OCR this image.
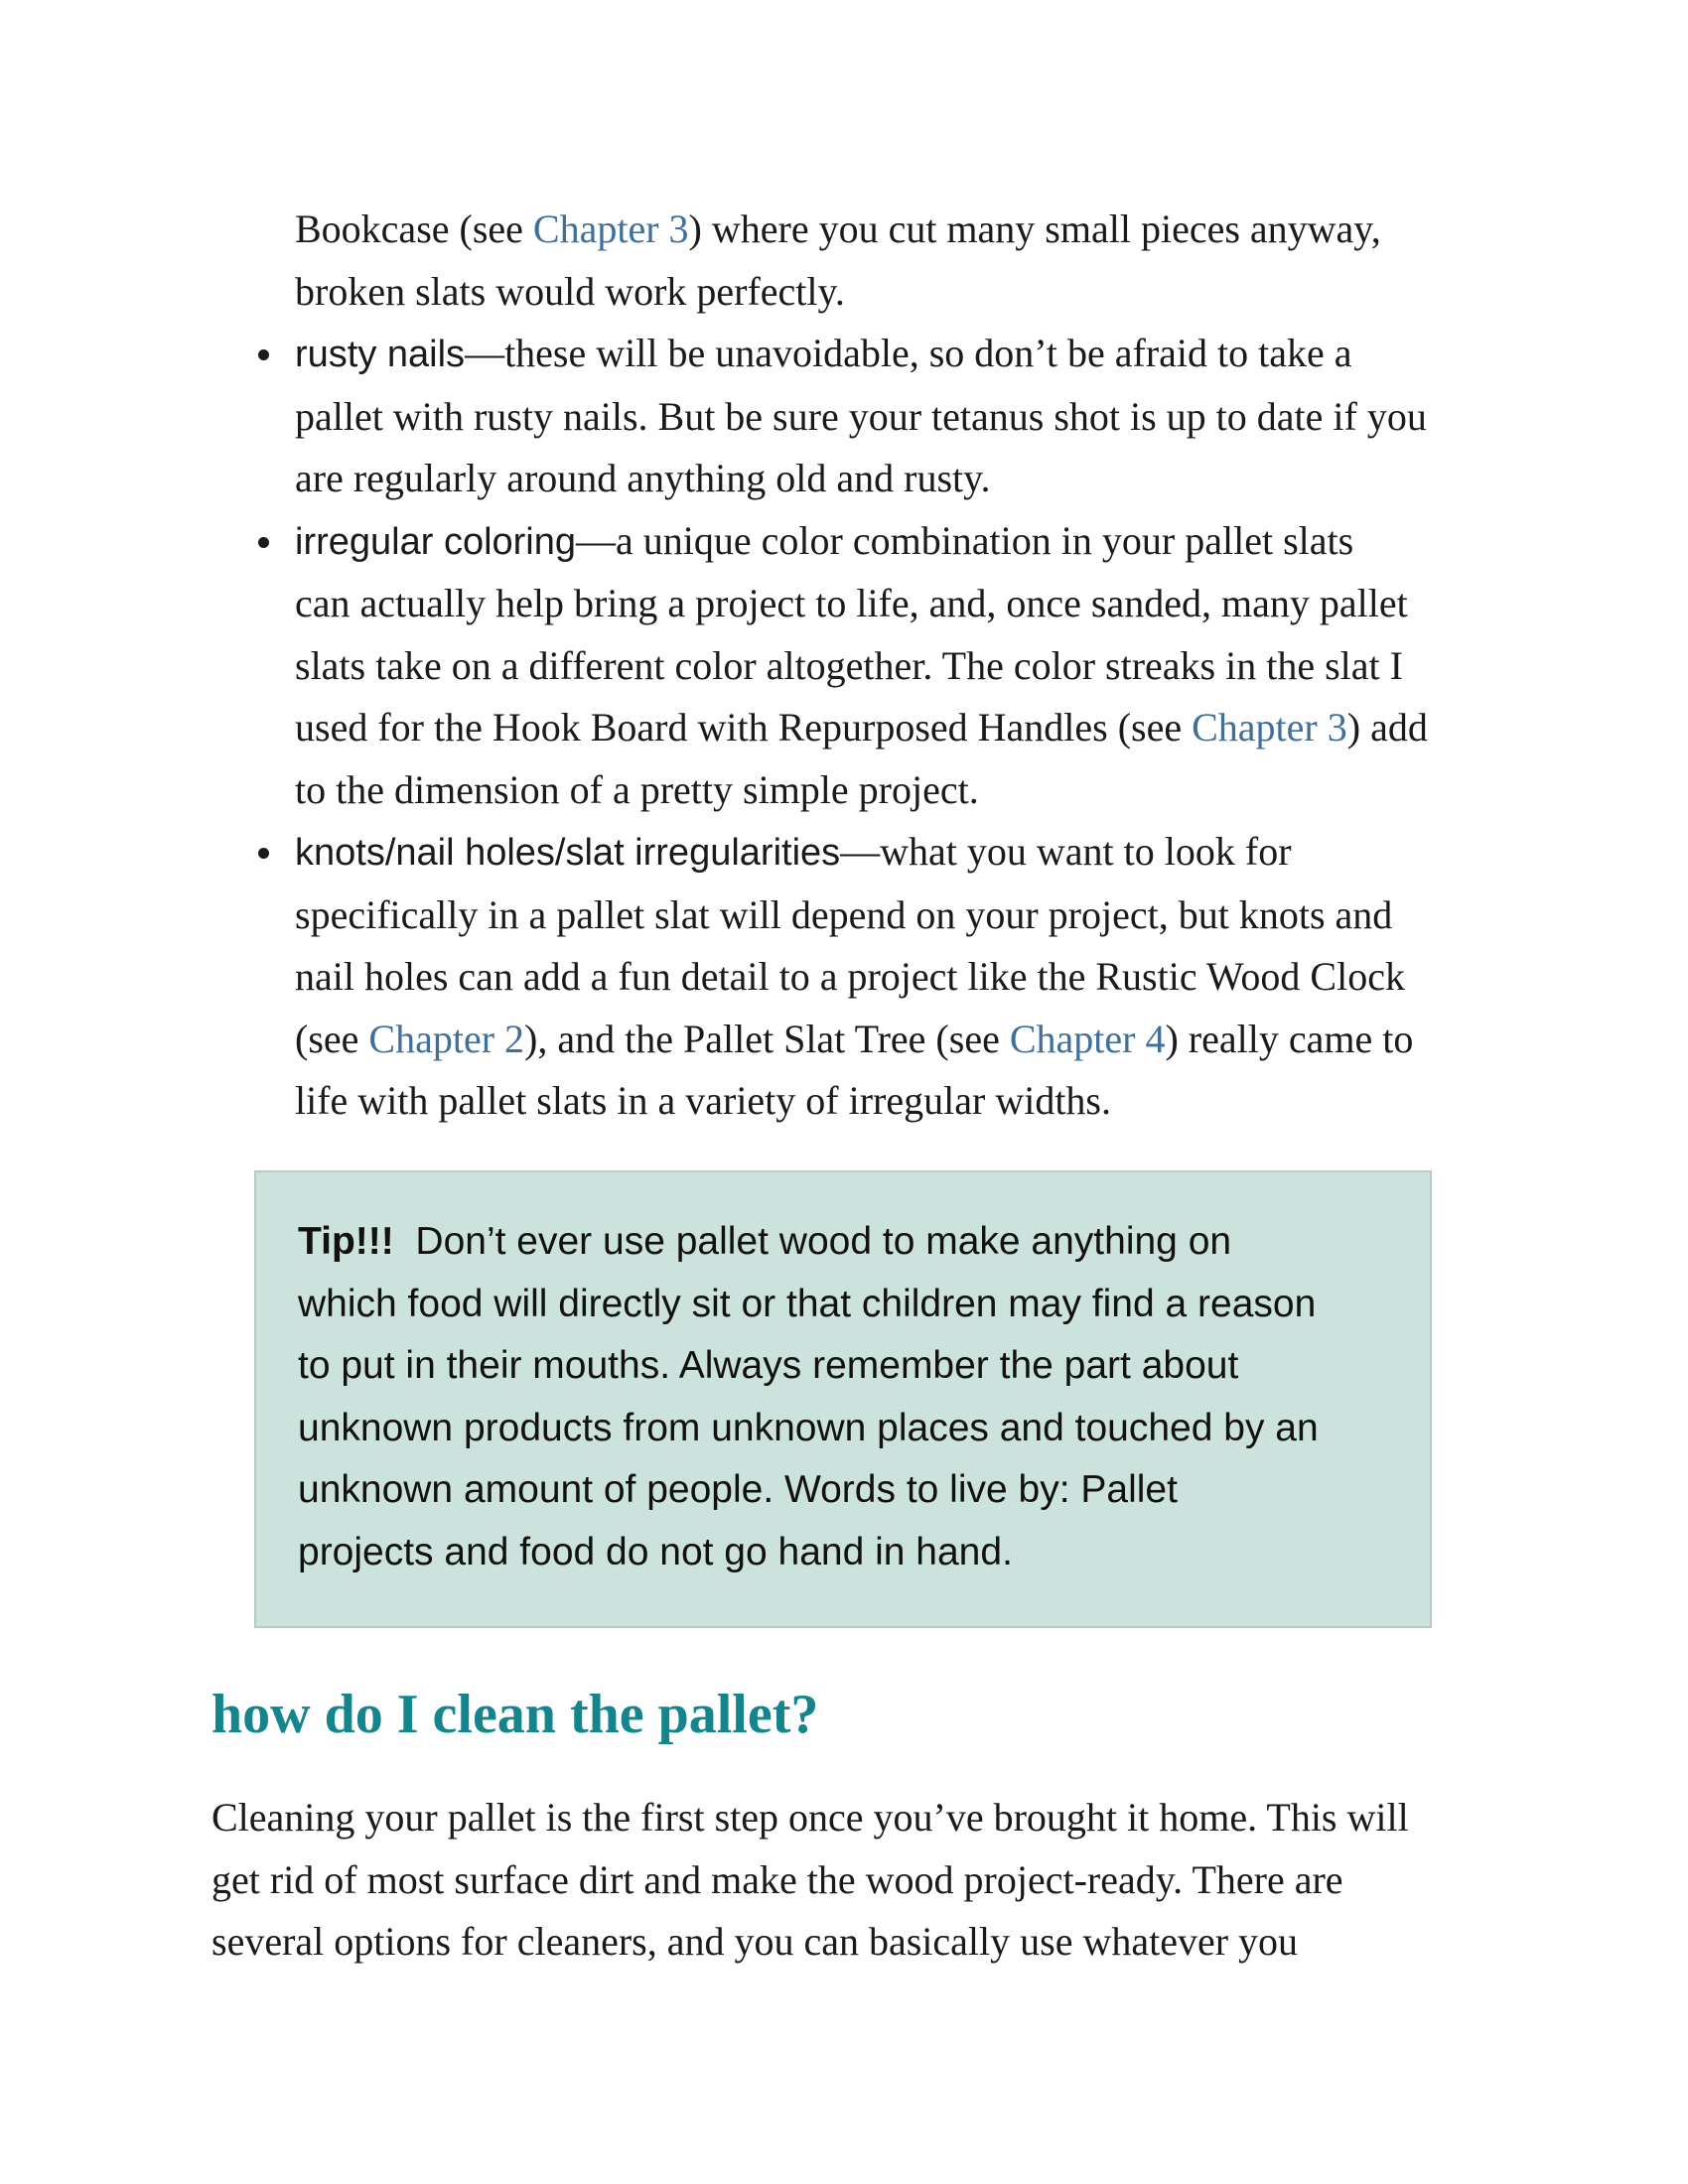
Bookcase (see Chapter 3) where you cut many small pieces anyway,
broken slats would work perfectly.
rusty nails—these will be unavoidable, so don’t be afraid to take a
pallet with rusty nails. But be sure your tetanus shot is up to date if you
are regularly around anything old and rusty.
irregular coloring—a unique color combination in your pallet slats
can actually help bring a project to life, and, once sanded, many pallet
slats take on a different color altogether. The color streaks in the slat I
used for the Hook Board with Repurposed Handles (see Chapter 3) add
to the dimension of a pretty simple project.
knots/nail holes/slat irregularities—what you want to look for
specifically in a pallet slat will depend on your project, but knots and
nail holes can add a fun detail to a project like the Rustic Wood Clock
(see Chapter 2), and the Pallet Slat Tree (see Chapter 4) really came to
life with pallet slats in a variety of irregular widths.
Tip!!! Don’t ever use pallet wood to make anything on
which food will directly sit or that children may find a reason
to put in their mouths. Always remember the part about
unknown products from unknown places and touched by an
unknown amount of people. Words to live by: Pallet
projects and food do not go hand in hand.
how do I clean the pallet?
Cleaning your pallet is the first step once you’ve brought it home. This will
get rid of most surface dirt and make the wood project-ready. There are
several options for cleaners, and you can basically use whatever you
